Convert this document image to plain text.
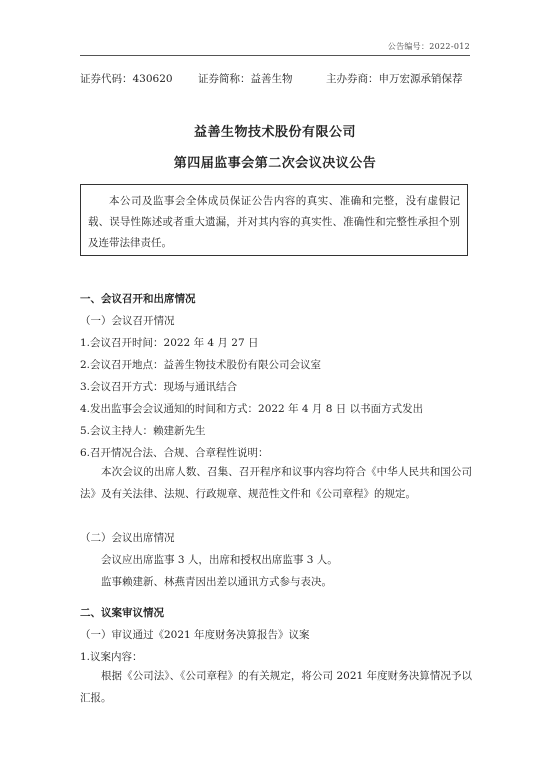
公告编号：2022-012
证券代码：430620 证券简称：益善生物	主办券商：申万宏源承销保荐
益善生物技术股份有限公司
第四届监事会第二次会议决议公告
本公司及监事会全体成员保证公告内容的真实、准确和完整，没有虚假记载、误导性陈述或者重大遗漏，并对其内容的真实性、准确性和完整性承担个别及连带法律责任。
一、会议召开和出席情况
（一）会议召开情况
1.会议召开时间：2022 年 4 月 27 日
2.会议召开地点：益善生物技术股份有限公司会议室
3.会议召开方式：现场与通讯结合
4.发出监事会会议通知的时间和方式：2022 年 4 月 8 日 以书面方式发出
5.会议主持人：赖建新先生
6.召开情况合法、合规、合章程性说明：
本次会议的出席人数、召集、召开程序和议事内容均符合《中华人民共和国公司法》及有关法律、法规、行政规章、规范性文件和《公司章程》的规定。
（二）会议出席情况
会议应出席监事 3 人，出席和授权出席监事 3 人。
监事赖建新、林燕青因出差以通讯方式参与表决。
二、议案审议情况
（一）审议通过《2021 年度财务决算报告》议案
1.议案内容：
根据《公司法》、《公司章程》的有关规定，将公司 2021 年度财务决算情况予以汇报。
